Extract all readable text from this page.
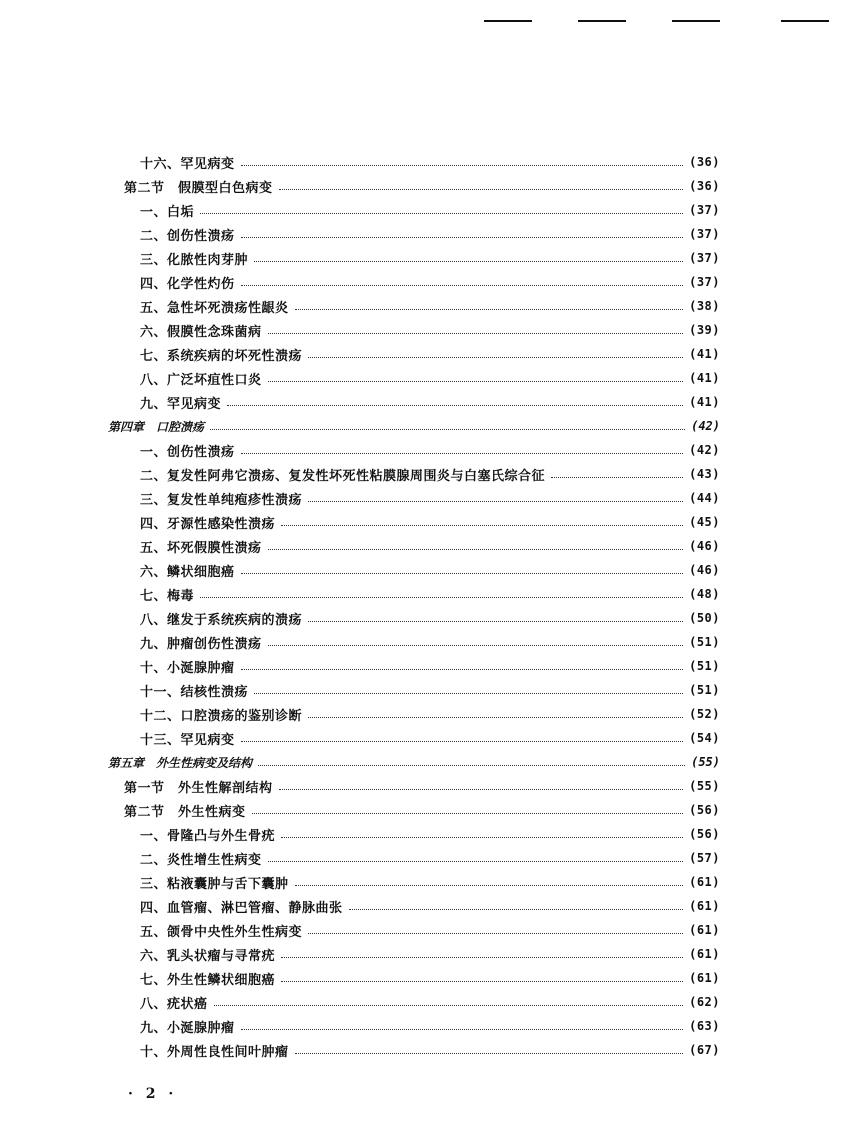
十六、罕见病变	(36)
第二节　假膜型白色病变	(36)
一、白垢	(37)
二、创伤性溃疡	(37)
三、化脓性肉芽肿	(37)
四、化学性灼伤	(37)
五、急性坏死溃疡性龈炎	(38)
六、假膜性念珠菌病	(39)
七、系统疾病的坏死性溃疡	(41)
八、广泛坏疽性口炎	(41)
九、罕见病变	(41)
第四章　口腔溃疡	(42)
一、创伤性溃疡	(42)
二、复发性阿弗它溃疡、复发性坏死性粘膜腺周围炎与白塞氏综合征	(43)
三、复发性单纯疱疹性溃疡	(44)
四、牙源性感染性溃疡	(45)
五、坏死假膜性溃疡	(46)
六、鳞状细胞癌	(46)
七、梅毒	(48)
八、继发于系统疾病的溃疡	(50)
九、肿瘤创伤性溃疡	(51)
十、小涎腺肿瘤	(51)
十一、结核性溃疡	(51)
十二、口腔溃疡的鉴别诊断	(52)
十三、罕见病变	(54)
第五章　外生性病变及结构	(55)
第一节　外生性解剖结构	(55)
第二节　外生性病变	(56)
一、骨隆凸与外生骨疣	(56)
二、炎性增生性病变	(57)
三、粘液囊肿与舌下囊肿	(61)
四、血管瘤、淋巴管瘤、静脉曲张	(61)
五、颌骨中央性外生性病变	(61)
六、乳头状瘤与寻常疣	(61)
七、外生性鳞状细胞癌	(61)
八、疣状癌	(62)
九、小涎腺肿瘤	(63)
十、外周性良性间叶肿瘤	(67)
· 2 ·
